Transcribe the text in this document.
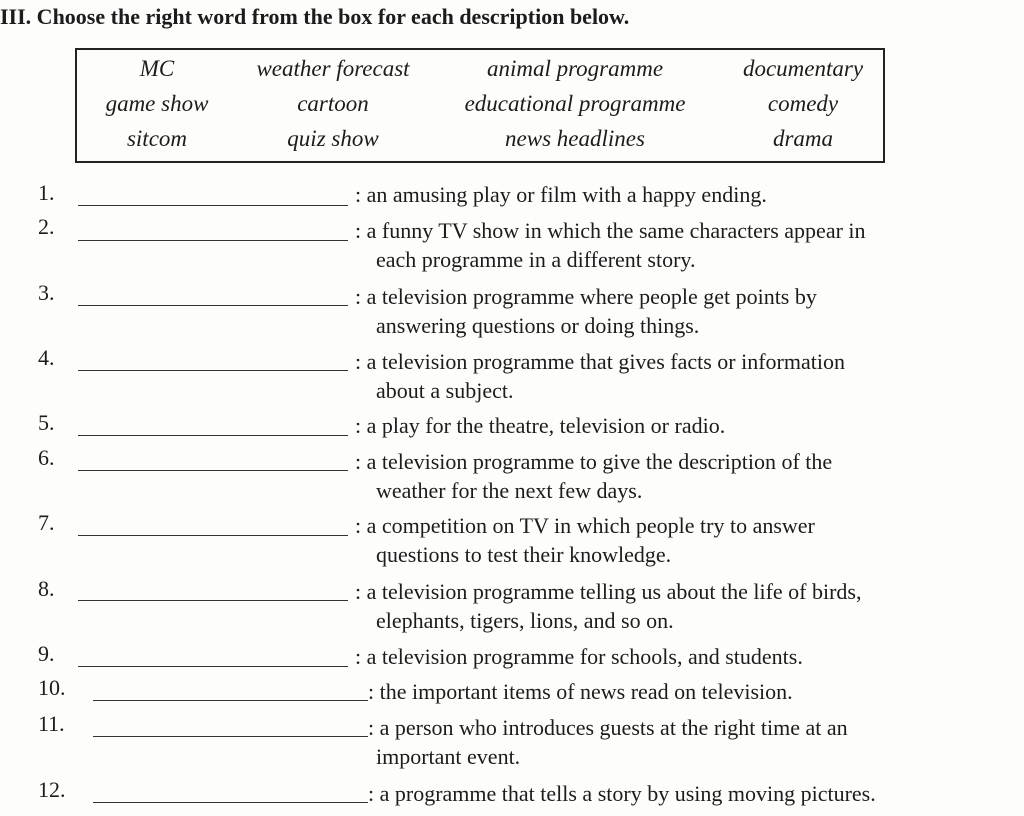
III. Choose the right word from the box for each description below.
MC	weather forecast	animal programme	documentary
game show	cartoon	educational programme	comedy
sitcom	quiz show	news headlines	drama
1.	: an amusing play or film with a happy ending.
2.	: a funny TV show in which the same characters appear in
each programme in a different story.
3.	: a television programme where people get points by
answering questions or doing things.
4.	: a television programme that gives facts or information
about a subject.
5.	: a play for the theatre, television or radio.
6.	: a television programme to give the description of the
weather for the next few days.
7.	: a competition on TV in which people try to answer
questions to test their knowledge.
8.	: a television programme telling us about the life of birds,
elephants, tigers, lions, and so on.
9.	: a television programme for schools, and students.
10.	: the important items of news read on television.
11.	: a person who introduces guests at the right time at an
important event.
12.	: a programme that tells a story by using moving pictures.
